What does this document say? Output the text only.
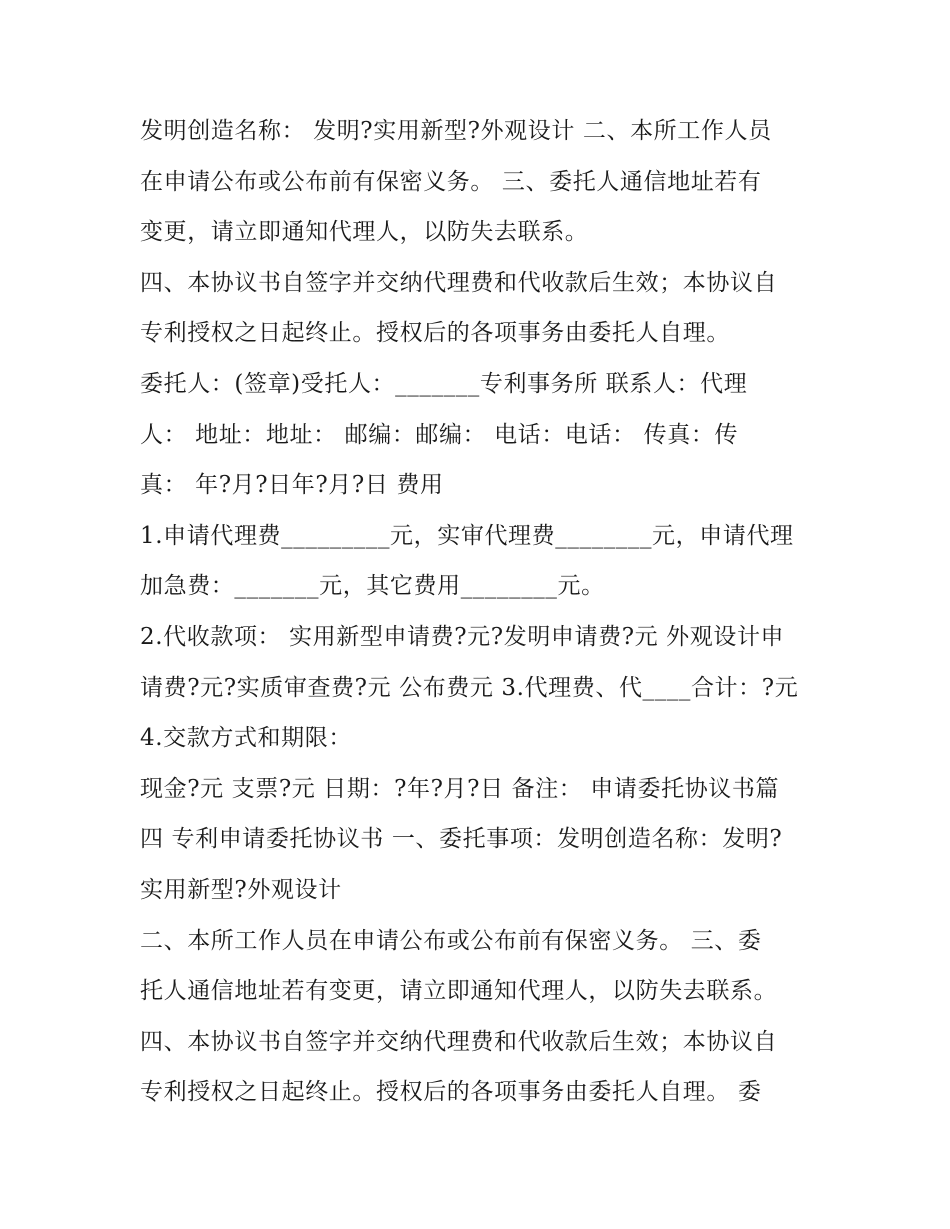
发明创造名称： 发明?实用新型?外观设计 二、本所工作人员
在申请公布或公布前有保密义务。 三、委托人通信地址若有
变更，请立即通知代理人，以防失去联系。
四、本协议书自签字并交纳代理费和代收款后生效；本协议自
专利授权之日起终止。授权后的各项事务由委托人自理。
委托人：(签章)受托人：_______专利事务所 联系人：代理
人： 地址：地址： 邮编：邮编： 电话：电话： 传真：传
真： 年?月?日年?月?日 费用
1.申请代理费_________元，实审代理费________元，申请代理
加急费：_______元，其它费用________元。
2.代收款项： 实用新型申请费?元?发明申请费?元 外观设计申
请费?元?实质审查费?元 公布费元 3.代理费、代____合计：?元
4.交款方式和期限：
现金?元 支票?元 日期：?年?月?日 备注： 申请委托协议书篇
四 专利申请委托协议书 一、委托事项：发明创造名称：发明?
实用新型?外观设计
二、本所工作人员在申请公布或公布前有保密义务。 三、委
托人通信地址若有变更，请立即通知代理人，以防失去联系。
四、本协议书自签字并交纳代理费和代收款后生效；本协议自
专利授权之日起终止。授权后的各项事务由委托人自理。 委
